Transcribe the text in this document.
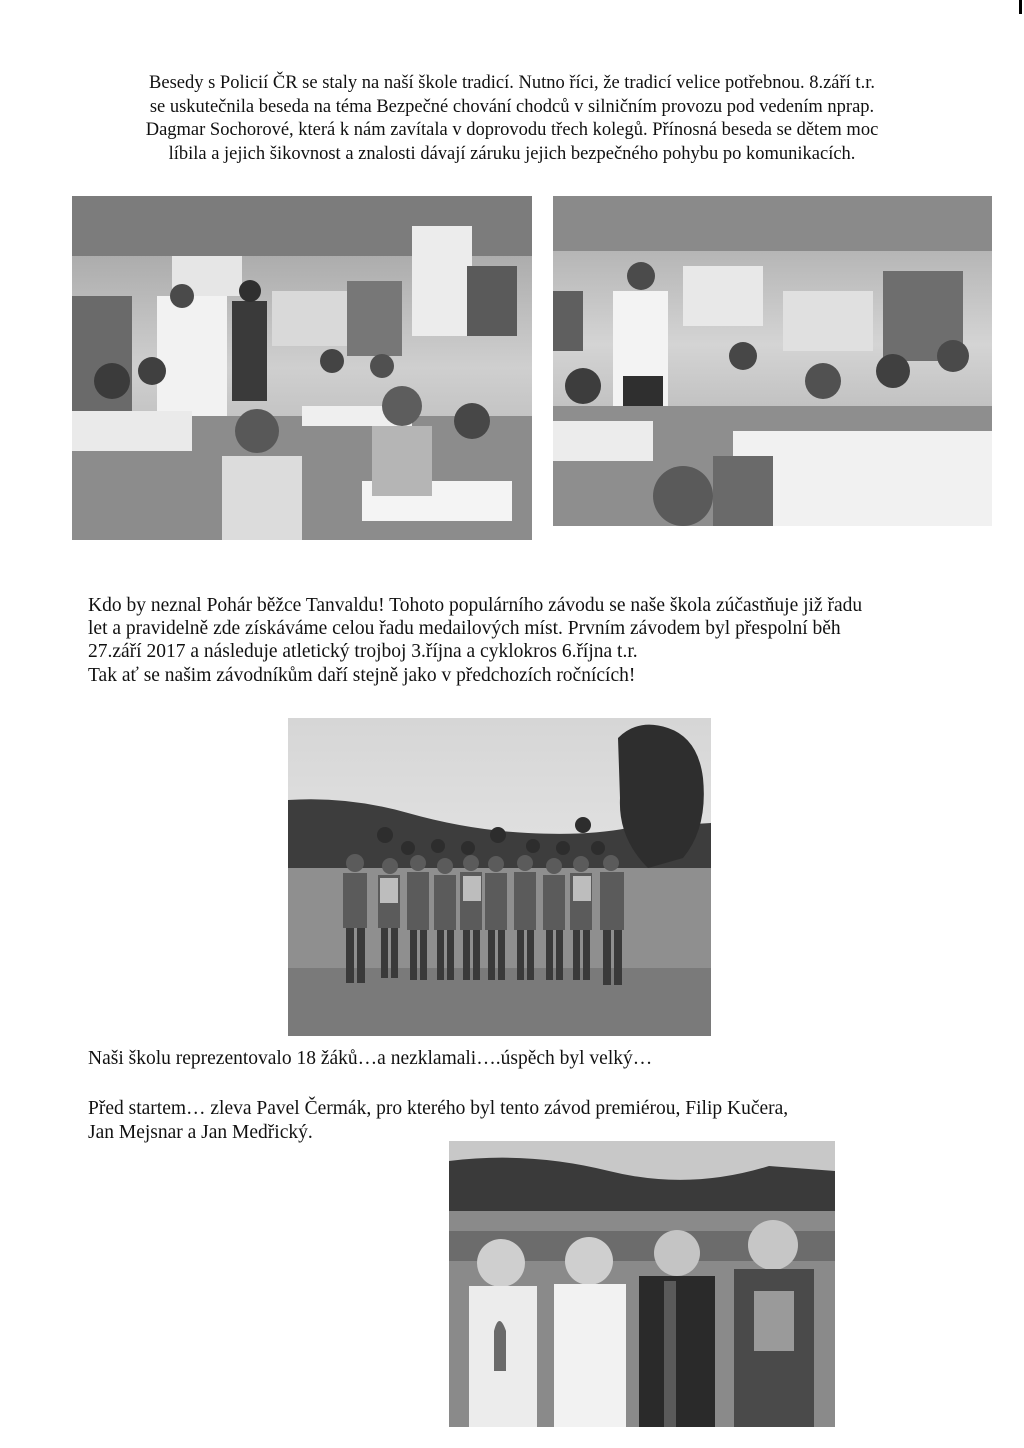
Besedy s Policií ČR se staly na naší škole tradicí. Nutno říci, že tradicí velice potřebnou. 8.září t.r.
se uskutečnila beseda na téma Bezpečné chování chodců v silničním provozu pod vedením nprap.
Dagmar Sochorové, která k nám zavítala v doprovodu třech kolegů. Přínosná beseda se dětem moc
líbila a jejich šikovnost a znalosti dávají záruku jejich bezpečného pohybu po komunikacích.

Kdo by neznal Pohár běžce Tanvaldu! Tohoto populárního závodu se naše škola zúčastňuje již řadu
let a pravidelně zde získáváme celou řadu medailových míst. Prvním závodem byl přespolní běh
27.září 2017 a následuje atletický trojboj 3.října a cyklokros 6.října t.r.
Tak ať se našim závodníkům daří stejně jako v předchozích ročnících!

Naši školu reprezentovalo 18 žáků…a nezklamali….úspěch byl velký…

Před startem… zleva Pavel Čermák, pro kterého byl tento závod premiérou, Filip Kučera,
Jan Mejsnar a Jan Medřický.
